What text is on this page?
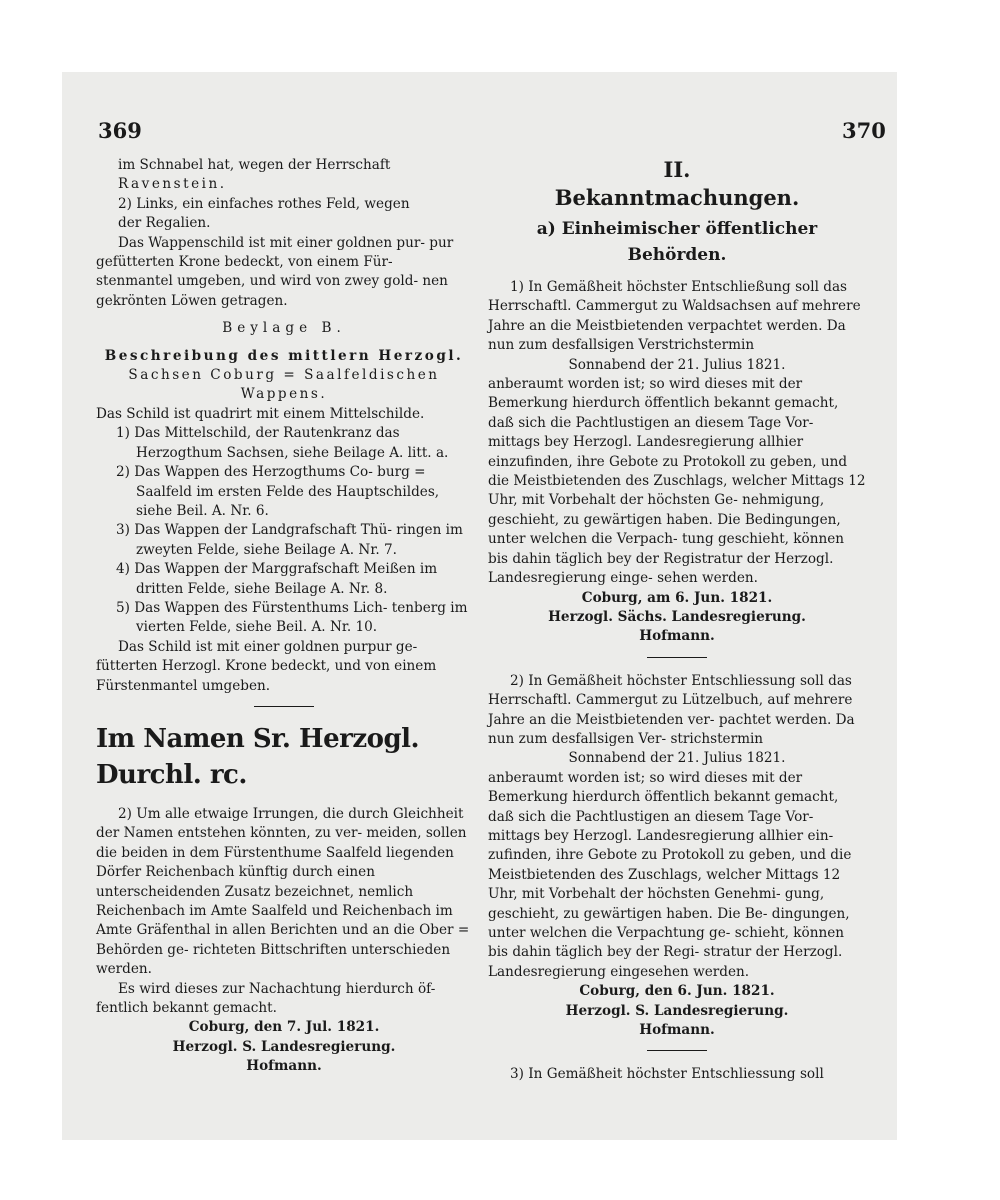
369	370

im Schnabel hat, wegen der Herrschaft

Ravenstein.

2) Links, ein einfaches rothes Feld, wegen

der Regalien.

Das Wappenschild ist mit einer goldnen pur- pur gefütterten Krone bedeckt, von einem Für- stenmantel umgeben, und wird von zwey gold- nen gekrönten Löwen getragen.

Beylage B.

Beschreibung des mittlern Herzogl.

Sachsen Coburg = Saalfeldischen

Wappens.

Das Schild ist quadrirt mit einem Mittelschilde.

1) Das Mittelschild, der Rautenkranz das Herzogthum Sachsen, siehe Beilage A. litt. a.

2) Das Wappen des Herzogthums Co- burg = Saalfeld im ersten Felde des Hauptschildes, siehe Beil. A. Nr. 6.

3) Das Wappen der Landgrafschaft Thü- ringen im zweyten Felde, siehe Beilage A. Nr. 7.

4) Das Wappen der Marggrafschaft Meißen im dritten Felde, siehe Beilage A. Nr. 8.

5) Das Wappen des Fürstenthums Lich- tenberg im vierten Felde, siehe Beil. A. Nr. 10.

Das Schild ist mit einer goldnen purpur ge- fütterten Herzogl. Krone bedeckt, und von einem Fürstenmantel umgeben.

Im Namen Sr. Herzogl. Durchl. rc.

2) Um alle etwaige Irrungen, die durch Gleichheit der Namen entstehen könnten, zu ver- meiden, sollen die beiden in dem Fürstenthume Saalfeld liegenden Dörfer Reichenbach künftig durch einen unterscheidenden Zusatz bezeichnet, nemlich Reichenbach im Amte Saalfeld und Reichenbach im Amte Gräfenthal in allen Berichten und an die Ober = Behörden ge- richteten Bittschriften unterschieden werden.

Es wird dieses zur Nachachtung hierdurch öf- fentlich bekannt gemacht.

Coburg, den 7. Jul. 1821.

Herzogl. S. Landesregierung.

Hofmann.

II.

Bekanntmachungen.

a) Einheimischer öffentlicher Behörden.

1) In Gemäßheit höchster Entschließung soll das Herrschaftl. Cammergut zu Waldsachsen auf mehrere Jahre an die Meistbietenden verpachtet werden. Da nun zum desfallsigen Verstrichstermin

Sonnabend der 21. Julius 1821.

anberaumt worden ist; so wird dieses mit der Bemerkung hierdurch öffentlich bekannt gemacht, daß sich die Pachtlustigen an diesem Tage Vor- mittags bey Herzogl. Landesregierung allhier einzufinden, ihre Gebote zu Protokoll zu geben, und die Meistbietenden des Zuschlags, welcher Mittags 12 Uhr, mit Vorbehalt der höchsten Ge- nehmigung, geschieht, zu gewärtigen haben. Die Bedingungen, unter welchen die Verpach- tung geschieht, können bis dahin täglich bey der Registratur der Herzogl. Landesregierung einge- sehen werden.

Coburg, am 6. Jun. 1821.

Herzogl. Sächs. Landesregierung.

Hofmann.

2) In Gemäßheit höchster Entschliessung soll das Herrschaftl. Cammergut zu Lützelbuch, auf mehrere Jahre an die Meistbietenden ver- pachtet werden. Da nun zum desfallsigen Ver- strichstermin

Sonnabend der 21. Julius 1821.

anberaumt worden ist; so wird dieses mit der Bemerkung hierdurch öffentlich bekannt gemacht, daß sich die Pachtlustigen an diesem Tage Vor- mittags bey Herzogl. Landesregierung allhier ein- zufinden, ihre Gebote zu Protokoll zu geben, und die Meistbietenden des Zuschlags, welcher Mittags 12 Uhr, mit Vorbehalt der höchsten Genehmi- gung, geschieht, zu gewärtigen haben. Die Be- dingungen, unter welchen die Verpachtung ge- schieht, können bis dahin täglich bey der Regi- stratur der Herzogl. Landesregierung eingesehen werden.

Coburg, den 6. Jun. 1821.

Herzogl. S. Landesregierung.

Hofmann.

3) In Gemäßheit höchster Entschliessung soll
